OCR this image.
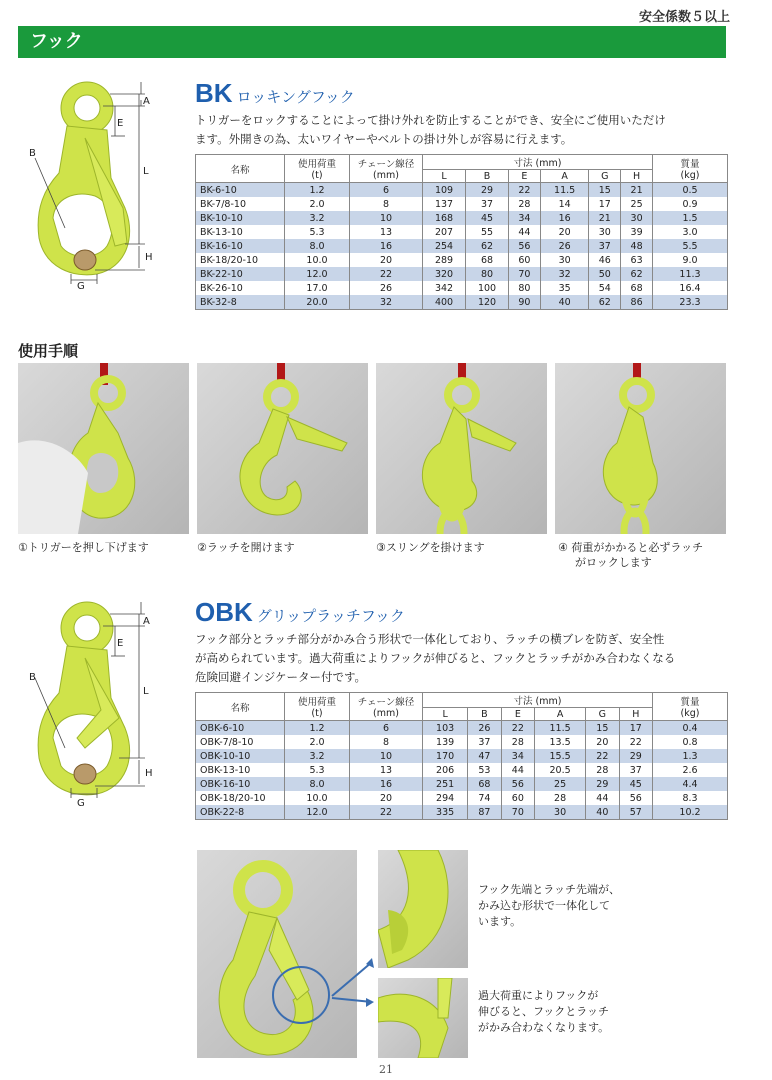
安全係数５以上
フック
A
E
B
L
H
G
BK ロッキングフック
トリガーをロックすることによって掛け外れを防止することができ、安全にご使用いただけ
ます。外開きの為、太いワイヤーやベルトの掛け外しが容易に行えます。
名称	使用荷重
(t)	チェーン線径
(mm)	寸法 (mm)						質量
(kg)
			L	B	E	A	G	H	
BK-6-10	1.2	6	109	29	22	11.5	15	21	0.5
BK-7/8-10	2.0	8	137	37	28	14	17	25	0.9
BK-10-10	3.2	10	168	45	34	16	21	30	1.5
BK-13-10	5.3	13	207	55	44	20	30	39	3.0
BK-16-10	8.0	16	254	62	56	26	37	48	5.5
BK-18/20-10	10.0	20	289	68	60	30	46	63	9.0
BK-22-10	12.0	22	320	80	70	32	50	62	11.3
BK-26-10	17.0	26	342	100	80	35	54	68	16.4
BK-32-8	20.0	32	400	120	90	40	62	86	23.3
使用手順
①トリガーを押し下げます	②ラッチを開けます	③スリングを掛けます	④ 荷重がかかると必ずラッチ
がロックします
A
E
B
L
H
G
OBK グリップラッチフック
フック部分とラッチ部分がかみ合う形状で一体化しており、ラッチの横ブレを防ぎ、安全性
が高められています。過大荷重によりフックが伸びると、フックとラッチがかみ合わなくなる
危険回避インジケーター付です。
名称	使用荷重
(t)	チェーン線径
(mm)	寸法 (mm)						質量
(kg)
			L	B	E	A	G	H	
OBK-6-10	1.2	6	103	26	22	11.5	15	17	0.4
OBK-7/8-10	2.0	8	139	37	28	13.5	20	22	0.8
OBK-10-10	3.2	10	170	47	34	15.5	22	29	1.3
OBK-13-10	5.3	13	206	53	44	20.5	28	37	2.6
OBK-16-10	8.0	16	251	68	56	25	29	45	4.4
OBK-18/20-10	10.0	20	294	74	60	28	44	56	8.3
OBK-22-8	12.0	22	335	87	70	30	40	57	10.2
フック先端とラッチ先端が、
かみ込む形状で一体化して
います。
過大荷重によりフックが
伸びると、フックとラッチ
がかみ合わなくなります。
21
